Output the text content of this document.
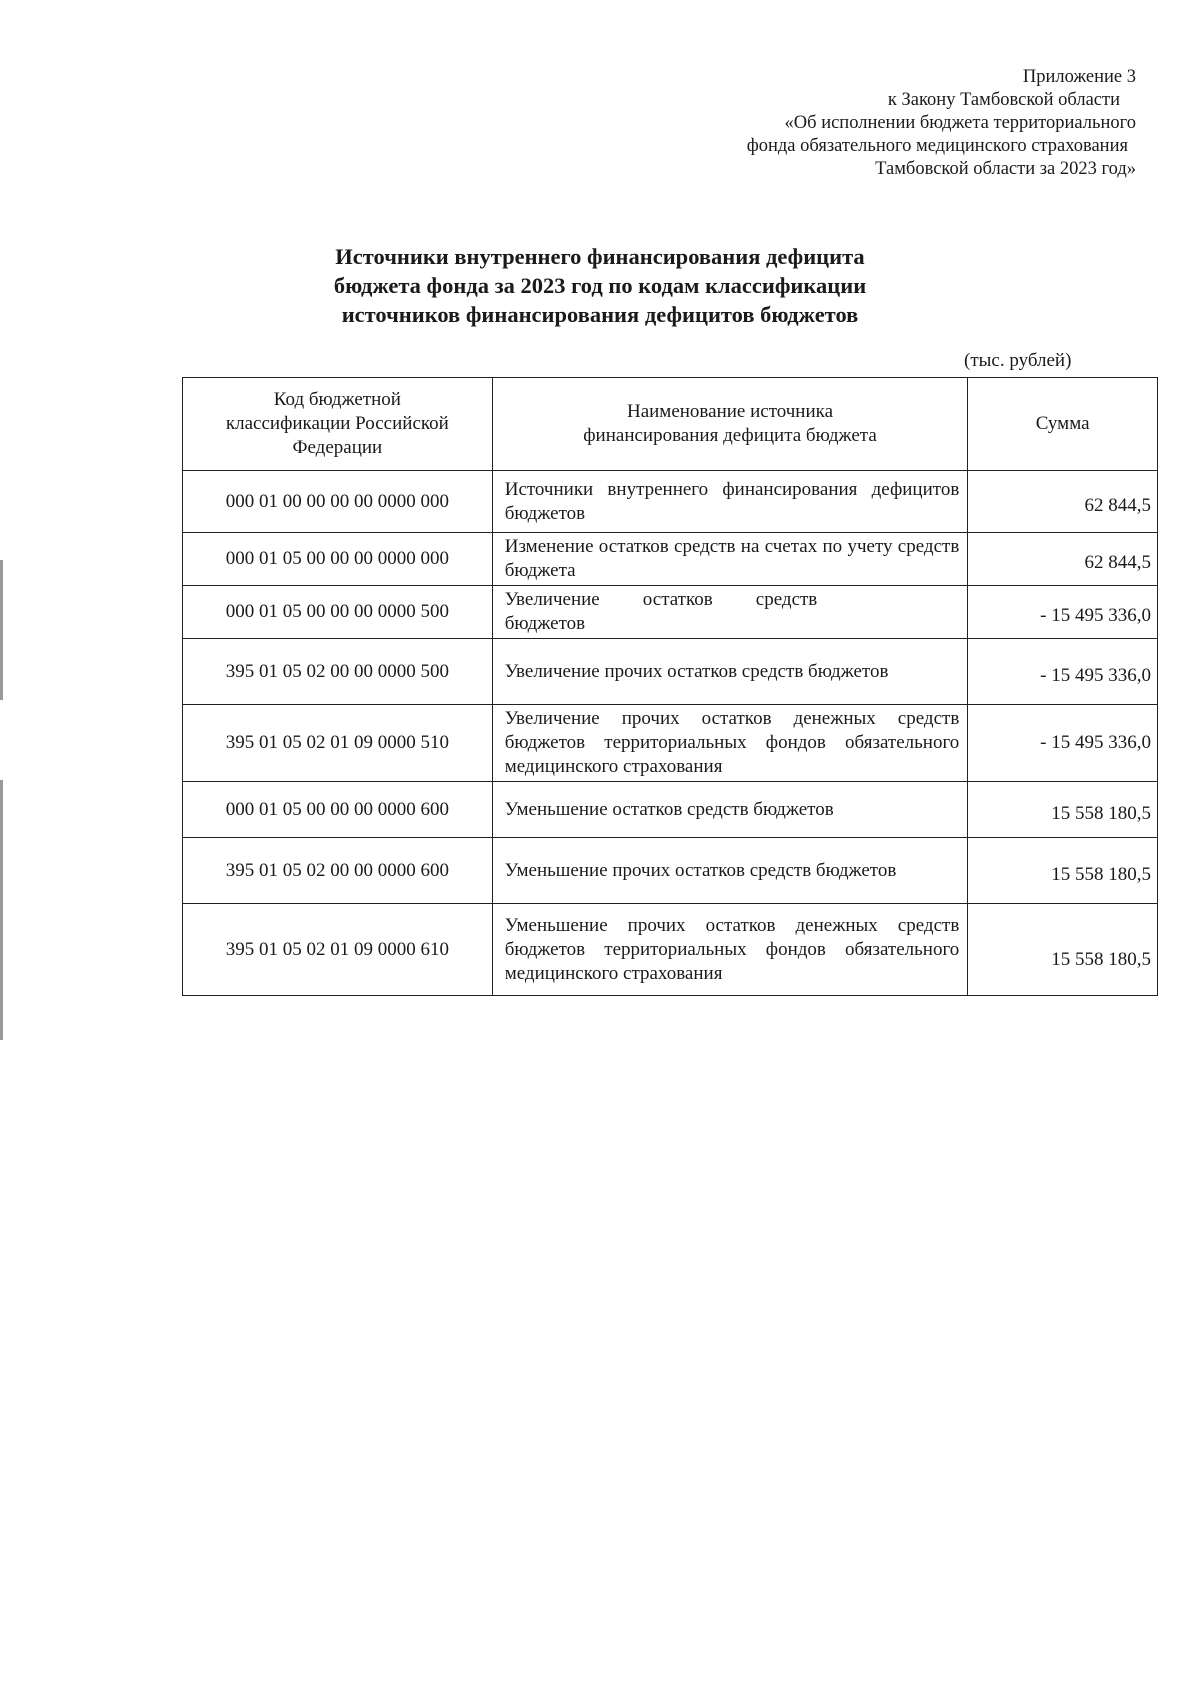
Приложение 3
к Закону Тамбовской области
«Об исполнении бюджета территориального
фонда обязательного медицинского страхования
Тамбовской области за 2023 год»
Источники внутреннего финансирования дефицита
бюджета фонда за 2023 год по кодам классификации
источников финансирования дефицитов бюджетов
(тыс. рублей)
Код бюджетной классификации Российской Федерации	Наименование источника финансирования дефицита бюджета	Сумма
000 01 00 00 00 00 0000 000	Источники внутреннего финансирования дефицитов бюджетов	62 844,5
000 01 05 00 00 00 0000 000	Изменение остатков средств на счетах по учету средств бюджета	62 844,5
000 01 05 00 00 00 0000 500	Увеличение остатков средств бюджетов	- 15 495 336,0
395 01 05 02 00 00 0000 500	Увеличение прочих остатков средств бюджетов	- 15 495 336,0
395 01 05 02 01 09 0000 510	Увеличение прочих остатков денежных средств бюджетов территориальных фондов обязательного медицинского страхования	- 15 495 336,0
000 01 05 00 00 00 0000 600	Уменьшение остатков средств бюджетов	15 558 180,5
395 01 05 02 00 00 0000 600	Уменьшение прочих остатков средств бюджетов	15 558 180,5
395 01 05 02 01 09 0000 610	Уменьшение прочих остатков денежных средств бюджетов территориальных фондов обязательного медицинского страхования	15 558 180,5
